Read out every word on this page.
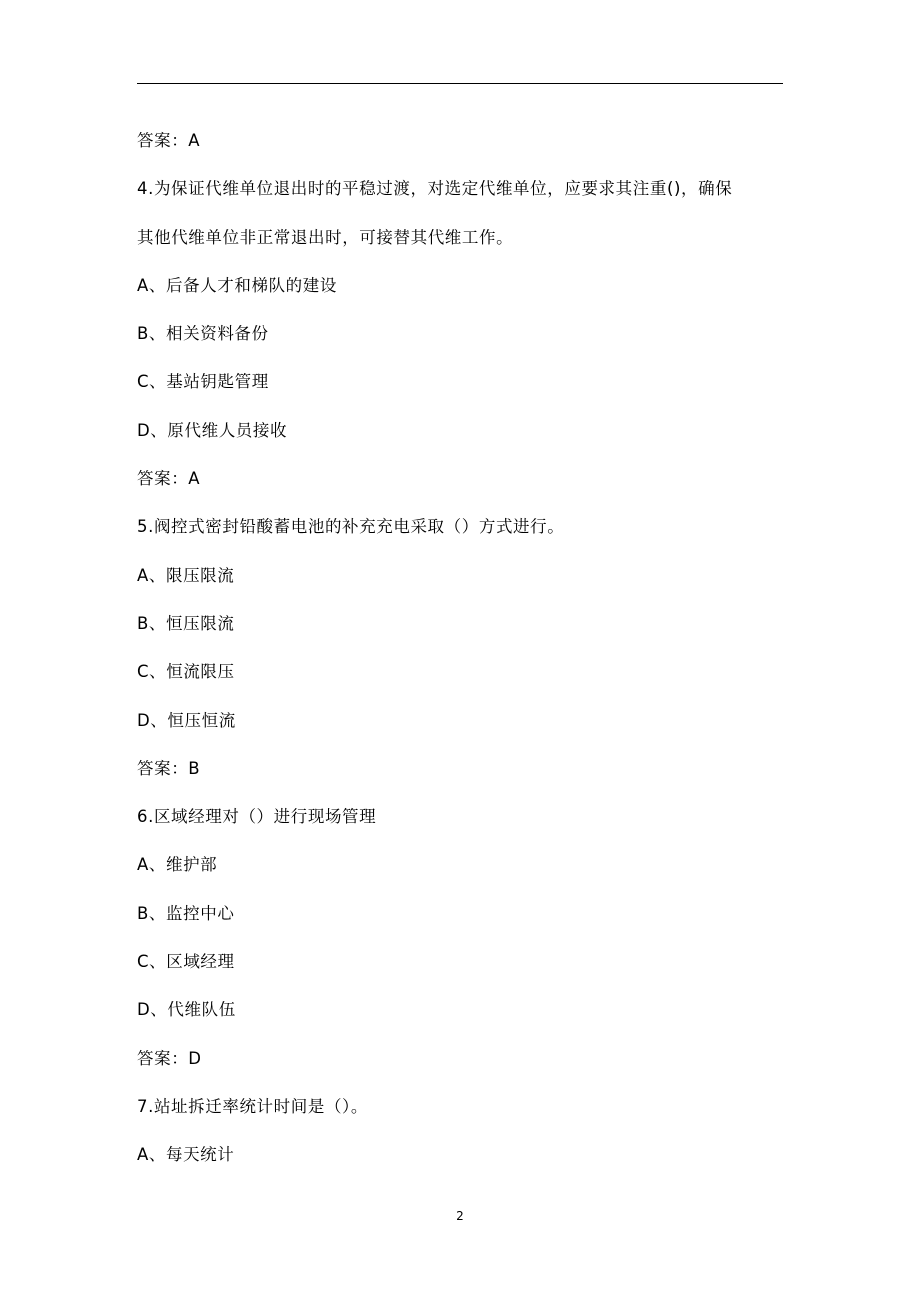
答案：A
4.为保证代维单位退出时的平稳过渡，对选定代维单位，应要求其注重()，确保
其他代维单位非正常退出时，可接替其代维工作。
A、后备人才和梯队的建设
B、相关资料备份
C、基站钥匙管理
D、原代维人员接收
答案：A
5.阀控式密封铅酸蓄电池的补充充电采取（）方式进行。
A、限压限流
B、恒压限流
C、恒流限压
D、恒压恒流
答案：B
6.区域经理对（）进行现场管理
A、维护部
B、监控中心
C、区域经理
D、代维队伍
答案：D
7.站址拆迁率统计时间是（）。
A、每天统计
2
